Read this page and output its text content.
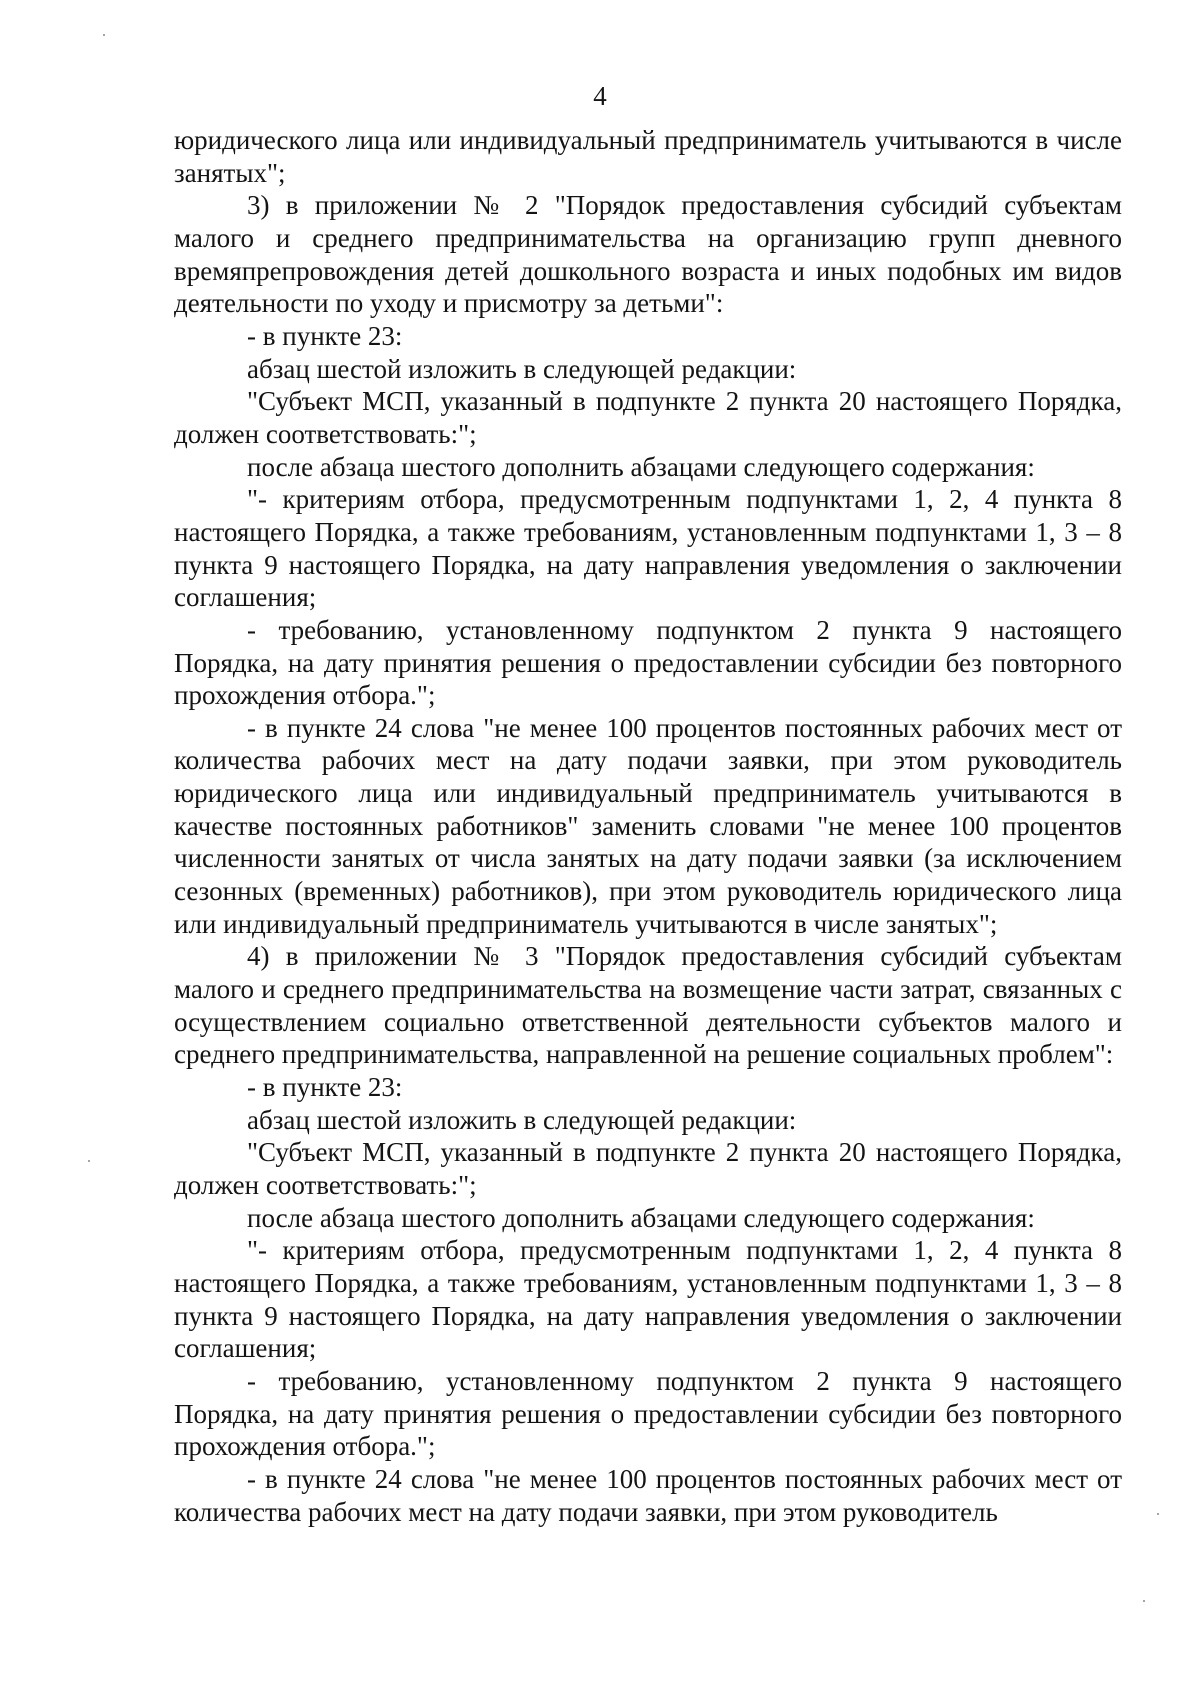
4

юридического лица или индивидуальный предприниматель учитываются в числе занятых";

3) в приложении № 2 "Порядок предоставления субсидий субъектам малого и среднего предпринимательства на организацию групп дневного времяпрепровождения детей дошкольного возраста и иных подобных им видов деятельности по уходу и присмотру за детьми":

- в пункте 23:

абзац шестой изложить в следующей редакции:

"Субъект МСП, указанный в подпункте 2 пункта 20 настоящего Порядка, должен соответствовать:";

после абзаца шестого дополнить абзацами следующего содержания:

"- критериям отбора, предусмотренным подпунктами 1, 2, 4 пункта 8 настоящего Порядка, а также требованиям, установленным подпунктами 1, 3 – 8 пункта 9 настоящего Порядка, на дату направления уведомления о заключении соглашения;

- требованию, установленному подпунктом 2 пункта 9 настоящего Порядка, на дату принятия решения о предоставлении субсидии без повторного прохождения отбора.";

- в пункте 24 слова "не менее 100 процентов постоянных рабочих мест от количества рабочих мест на дату подачи заявки, при этом руководитель юридического лица или индивидуальный предприниматель учитываются в качестве постоянных работников" заменить словами "не менее 100 процентов численности занятых от числа занятых на дату подачи заявки (за исключением сезонных (временных) работников), при этом руководитель юридического лица или индивидуальный предприниматель учитываются в числе занятых";

4) в приложении № 3 "Порядок предоставления субсидий субъектам малого и среднего предпринимательства на возмещение части затрат, связанных с осуществлением социально ответственной деятельности субъектов малого и среднего предпринимательства, направленной на решение социальных проблем":

- в пункте 23:

абзац шестой изложить в следующей редакции:

"Субъект МСП, указанный в подпункте 2 пункта 20 настоящего Порядка, должен соответствовать:";

после абзаца шестого дополнить абзацами следующего содержания:

"- критериям отбора, предусмотренным подпунктами 1, 2, 4 пункта 8 настоящего Порядка, а также требованиям, установленным подпунктами 1, 3 – 8 пункта 9 настоящего Порядка, на дату направления уведомления о заключении соглашения;

- требованию, установленному подпунктом 2 пункта 9 настоящего Порядка, на дату принятия решения о предоставлении субсидии без повторного прохождения отбора.";

- в пункте 24 слова "не менее 100 процентов постоянных рабочих мест от количества рабочих мест на дату подачи заявки, при этом руководитель
